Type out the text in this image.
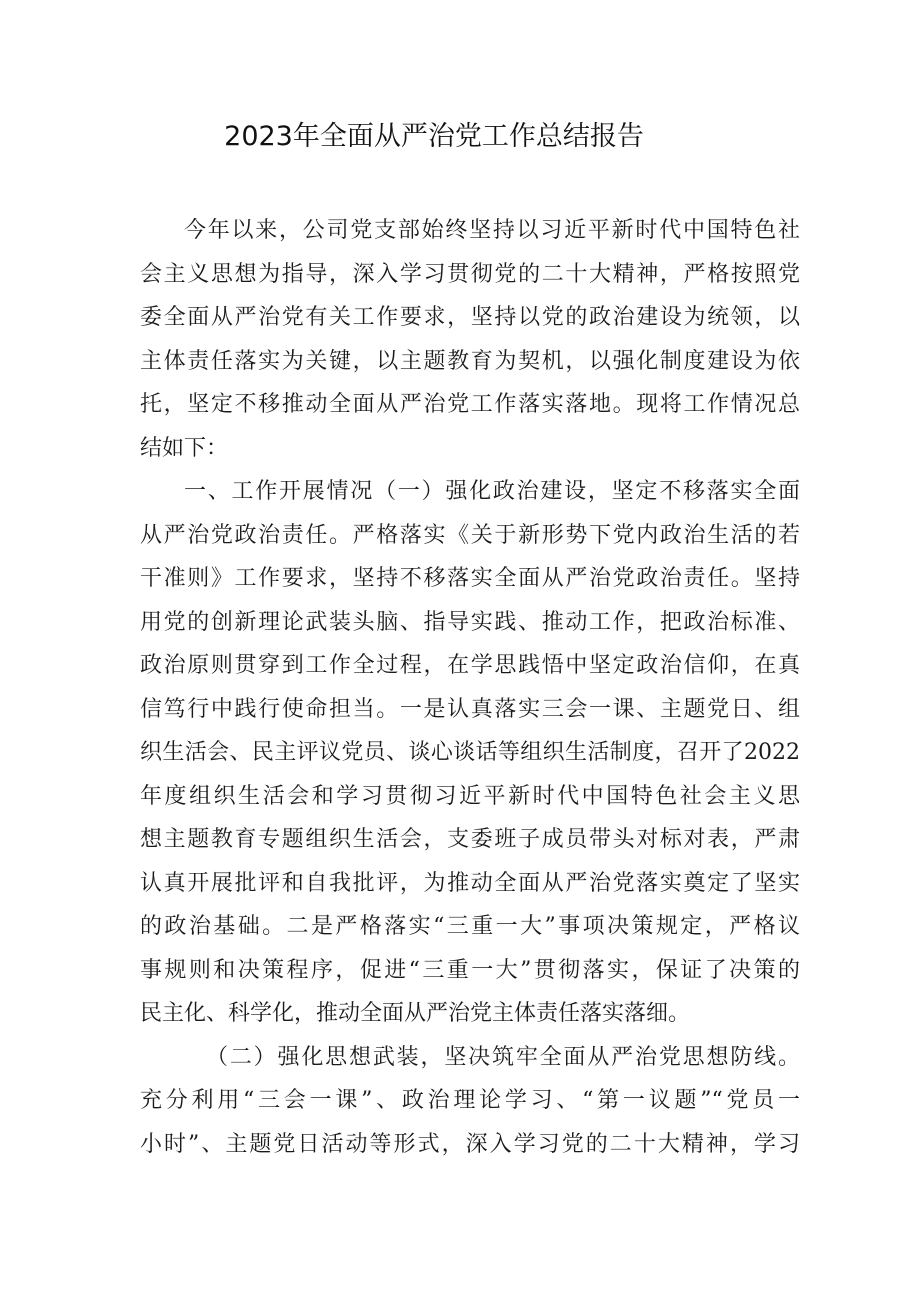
2023年全面从严治党工作总结报告
今年以来，公司党支部始终坚持以习近平新时代中国特色社
会主义思想为指导，深入学习贯彻党的二十大精神，严格按照党
委全面从严治党有关工作要求，坚持以党的政治建设为统领，以
主体责任落实为关键，以主题教育为契机，以强化制度建设为依
托，坚定不移推动全面从严治党工作落实落地。现将工作情况总
结如下：
一、工作开展情况（一）强化政治建设，坚定不移落实全面
从严治党政治责任。严格落实《关于新形势下党内政治生活的若
干准则》工作要求，坚持不移落实全面从严治党政治责任。坚持
用党的创新理论武装头脑、指导实践、推动工作，把政治标准、
政治原则贯穿到工作全过程，在学思践悟中坚定政治信仰，在真
信笃行中践行使命担当。一是认真落实三会一课、主题党日、组
织生活会、民主评议党员、谈心谈话等组织生活制度，召开了2022
年度组织生活会和学习贯彻习近平新时代中国特色社会主义思
想主题教育专题组织生活会，支委班子成员带头对标对表，严肃
认真开展批评和自我批评，为推动全面从严治党落实奠定了坚实
的政治基础。二是严格落实“三重一大”事项决策规定，严格议
事规则和决策程序，促进“三重一大”贯彻落实，保证了决策的
民主化、科学化，推动全面从严治党主体责任落实落细。
（二）强化思想武装，坚决筑牢全面从严治党思想防线。
充分利用“三会一课”、政治理论学习、“第一议题”“党员一
小时”、主题党日活动等形式，深入学习党的二十大精神，学习
